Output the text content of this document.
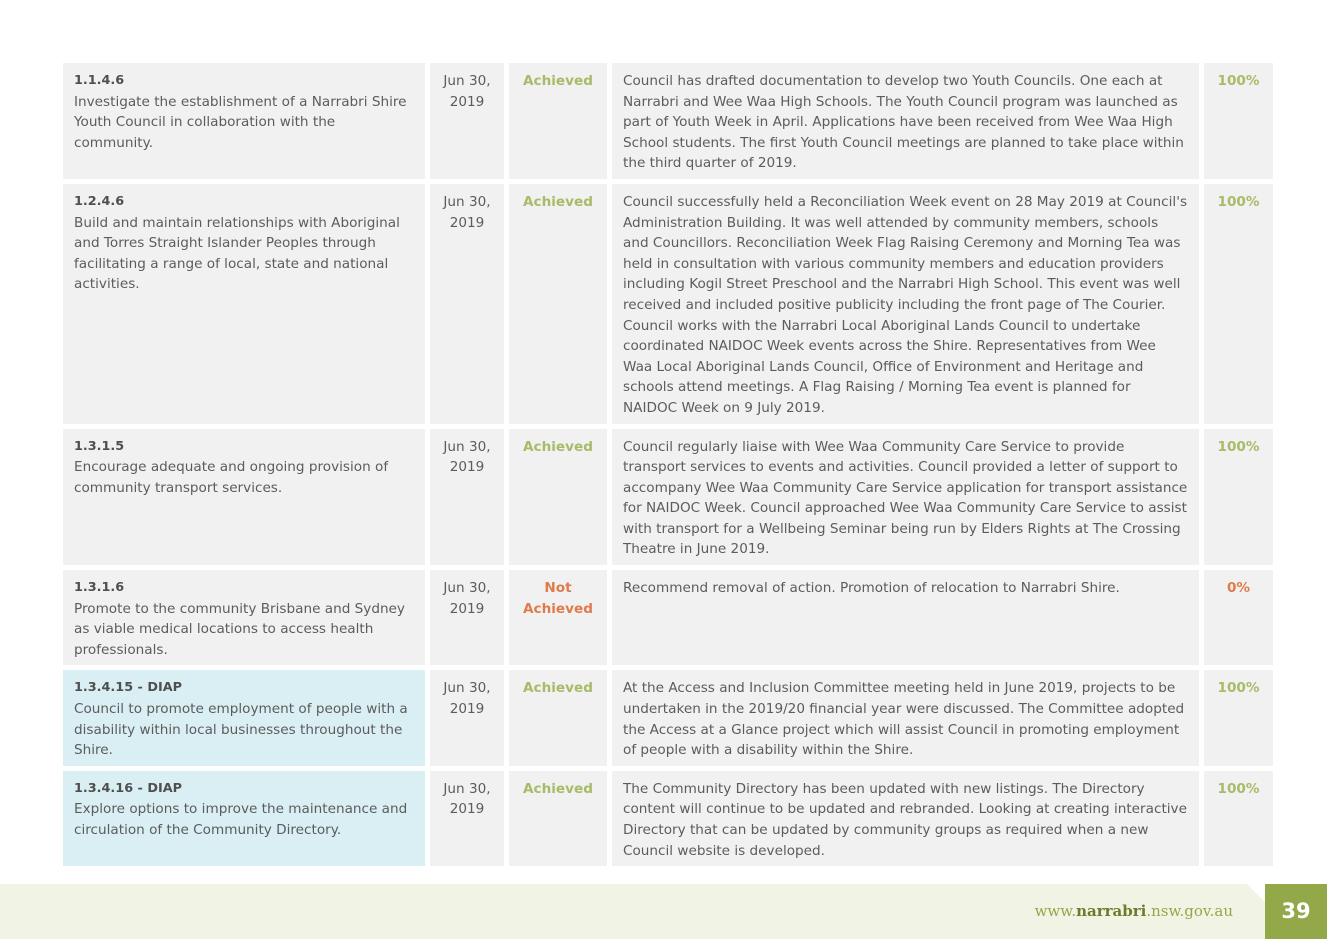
1.1.4.6
Investigate the establishment of a Narrabri Shire Youth Council in collaboration with the community.	Jun 30, 2019	Achieved	Council has drafted documentation to develop two Youth Councils. One each at Narrabri and Wee Waa High Schools. The Youth Council program was launched as part of Youth Week in April. Applications have been received from Wee Waa High School students. The first Youth Council meetings are planned to take place within the third quarter of 2019.	100%

1.2.4.6
Build and maintain relationships with Aboriginal and Torres Straight Islander Peoples through facilitating a range of local, state and national activities.	Jun 30, 2019	Achieved	Council successfully held a Reconciliation Week event on 28 May 2019 at Council's Administration Building. It was well attended by community members, schools and Councillors. Reconciliation Week Flag Raising Ceremony and Morning Tea was held in consultation with various community members and education providers including Kogil Street Preschool and the Narrabri High School. This event was well received and included positive publicity including the front page of The Courier. Council works with the Narrabri Local Aboriginal Lands Council to undertake coordinated NAIDOC Week events across the Shire. Representatives from Wee Waa Local Aboriginal Lands Council, Office of Environment and Heritage and schools attend meetings. A Flag Raising / Morning Tea event is planned for NAIDOC Week on 9 July 2019.	100%

1.3.1.5
Encourage adequate and ongoing provision of community transport services.	Jun 30, 2019	Achieved	Council regularly liaise with Wee Waa Community Care Service to provide transport services to events and activities. Council provided a letter of support to accompany Wee Waa Community Care Service application for transport assistance for NAIDOC Week. Council approached Wee Waa Community Care Service to assist with transport for a Wellbeing Seminar being run by Elders Rights at The Crossing Theatre in June 2019.	100%

1.3.1.6
Promote to the community Brisbane and Sydney as viable medical locations to access health professionals.	Jun 30, 2019	Not Achieved	Recommend removal of action. Promotion of relocation to Narrabri Shire.	0%

1.3.4.15 - DIAP
Council to promote employment of people with a disability within local businesses throughout the Shire.	Jun 30, 2019	Achieved	At the Access and Inclusion Committee meeting held in June 2019, projects to be undertaken in the 2019/20 financial year were discussed. The Committee adopted the Access at a Glance project which will assist Council in promoting employment of people with a disability within the Shire.	100%

1.3.4.16 - DIAP
Explore options to improve the maintenance and circulation of the Community Directory.	Jun 30, 2019	Achieved	The Community Directory has been updated with new listings. The Directory content will continue to be updated and rebranded. Looking at creating interactive Directory that can be updated by community groups as required when a new Council website is developed.	100%
www.narrabri.nsw.gov.au	39
